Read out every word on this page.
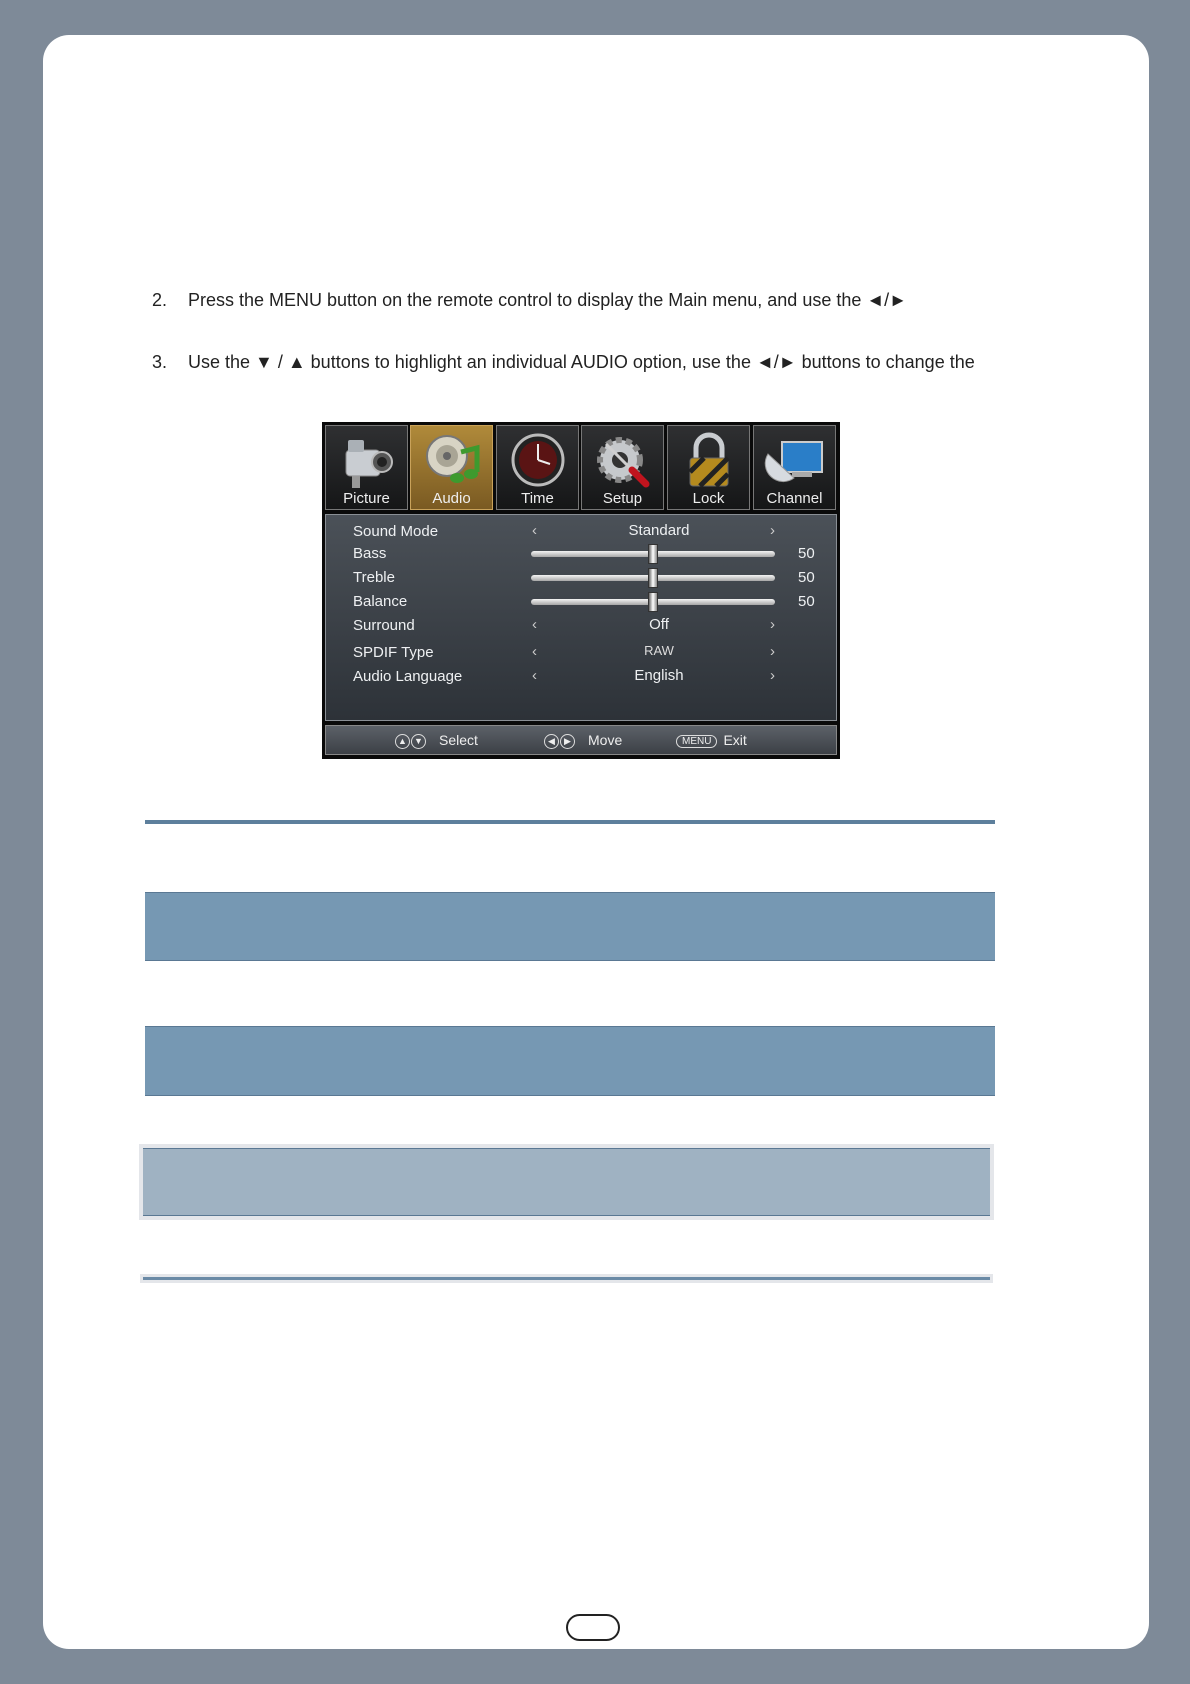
2. Press the MENU button on the remote control to display the Main menu, and use the ◄/►
3. Use the ▼ / ▲ buttons to highlight an individual AUDIO option, use the ◄/► buttons to change the
Picture	Audio	Time	Setup	Lock	Channel
Sound Mode	‹	Standard	›
Bass	50
Treble	50
Balance	50
Surround	‹	Off	›
SPDIF Type	‹	RAW	›
Audio Language	‹	English	›
▲ ▼ Select	◀ ▶ Move	MENU Exit
